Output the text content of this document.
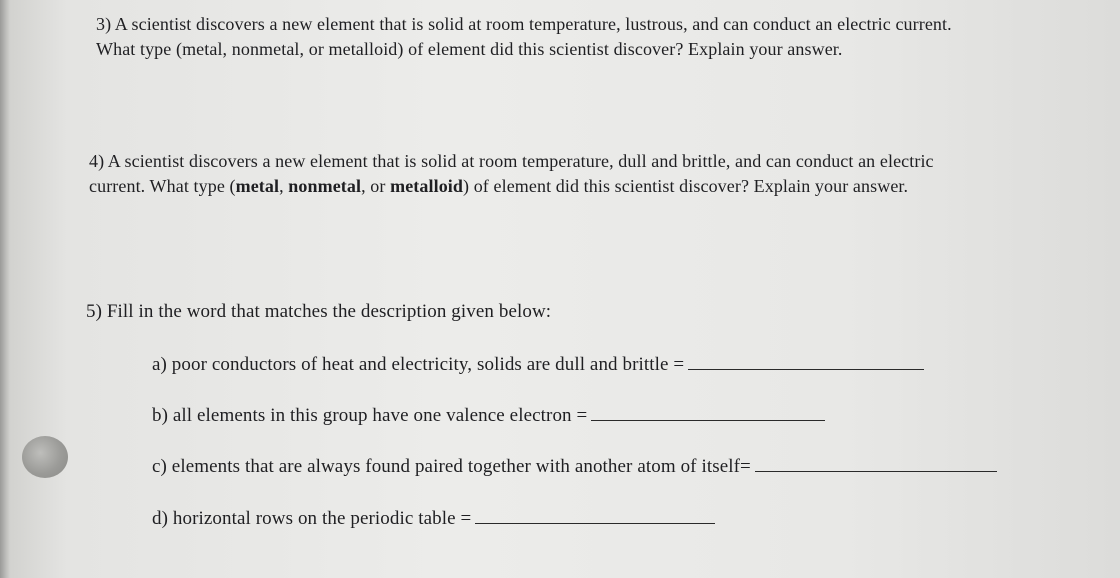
3) A scientist discovers a new element that is solid at room temperature, lustrous, and can conduct an electric current.
What type (metal, nonmetal, or metalloid) of element did this scientist discover? Explain your answer.
4) A scientist discovers a new element that is solid at room temperature, dull and brittle, and can conduct an electric
current. What type (metal, nonmetal, or metalloid) of element did this scientist discover? Explain your answer.
5) Fill in the word that matches the description given below:
a) poor conductors of heat and electricity, solids are dull and brittle =
b) all elements in this group have one valence electron =
c) elements that are always found paired together with another atom of itself=
d) horizontal rows on the periodic table =
